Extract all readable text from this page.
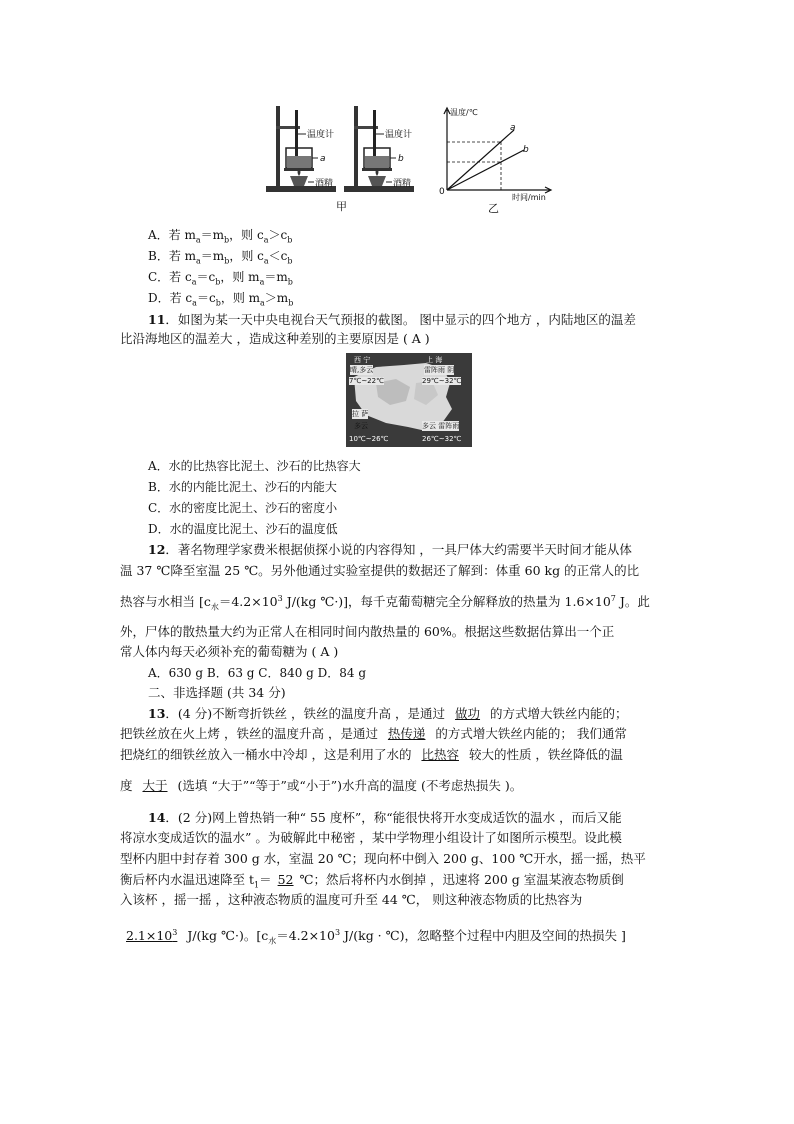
温度计
a
酒精
温度计
b
酒精
甲
温度/℃
时间/min
0
a
b
乙
A．若 $m_a=m_b$，则 $c_a>c_b$
B．若 $m_a=m_b$，则 $c_a<c_b$
C．若 $c_a=c_b$，则 $m_a=m_b$
D．若 $c_a=c_b$，则 $m_a>m_b$
11．如图为某一天中央电视台天气预报的截图。 图中显示的四个地方 ，内陆地区的温差
比沿海地区的温差大 ，造成这种差别的主要原因是 ( A )
西 宁
晴,多云
7℃~22℃
上 海
雷阵雨 阴
29℃~32℃
拉 萨
多云
10℃~26℃
多云 雷阵雨
26℃~32℃
A．水的比热容比泥土、沙石的比热容大
B．水的内能比泥土、沙石的内能大
C．水的密度比泥土、沙石的密度小
D．水的温度比泥土、沙石的温度低
12．著名物理学家费米根据侦探小说的内容得知 ，一具尸体大约需要半天时间才能从体
温 37 ℃降至室温 25 ℃。另外他通过实验室提供的数据还了解到：体重 60 kg 的正常人的比
热容与水相当 [$c_水=4.2\times 10^3$ J/(kg ℃·)]，每千克葡萄糖完全分解释放的热量为 $1.6\times 10^7$ J。此
外，尸体的散热量大约为正常人在相同时间内散热量的 60%。根据这些数据估算出一个正
常人体内每天必须补充的葡萄糖为 ( A )
A．630 g B．63 g C．840 g D．84 g
二、非选择题 (共 34 分)
13．(4 分)不断弯折铁丝 ，铁丝的温度升高 ，是通过 做功 的方式增大铁丝内能的；
把铁丝放在火上烤 ，铁丝的温度升高 ，是通过 热传递 的方式增大铁丝内能的； 我们通常
把烧红的细铁丝放入一桶水中冷却 ，这是利用了水的 比热容 较大的性质 ，铁丝降低的温
度 大于 (选填 “大于”“等于”或“小于”)水升高的温度 (不考虑热损失 )。
14．(2 分)网上曾热销一种“ 55 度杯”，称“能很快将开水变成适饮的温水 ，而后又能
将凉水变成适饮的温水” 。为破解此中秘密 ，某中学物理小组设计了如图所示模型。设此模
型杯内胆中封存着 300 g 水，室温 20 ℃；现向杯中倒入 200 g、100 ℃开水，摇一摇，热平
衡后杯内水温迅速降至 $t_1= 52$ ℃；然后将杯内水倒掉 ，迅速将 200 g 室温某液态物质倒
入该杯 ，摇一摇 ，这种液态物质的温度可升至 44 ℃， 则这种液态物质的比热容为
$2.1\times 10^3$ J/(kg ℃·)。[$c_水=4.2\times 10^3$ J/(kg · ℃)，忽略整个过程中内胆及空间的热损失 ]
